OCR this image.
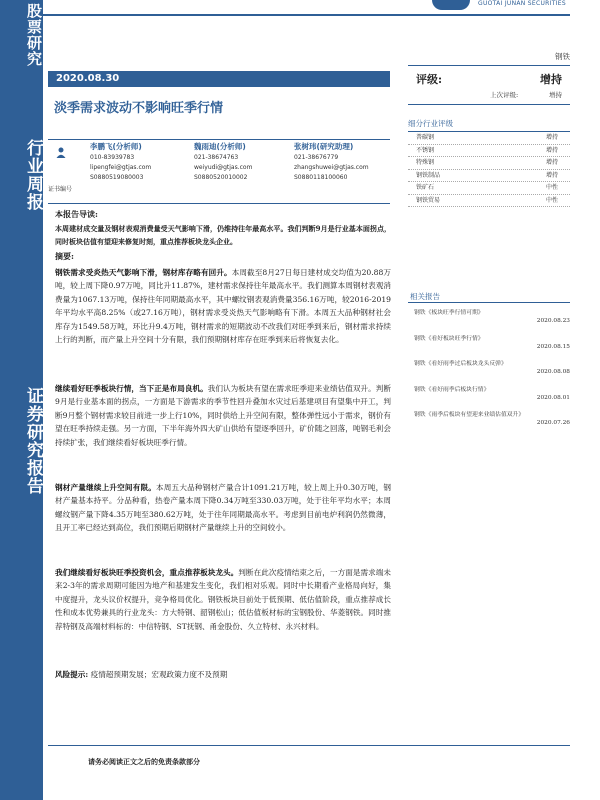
股票研究
行业周报
证券研究报告
GUOTAI JUNAN SECURITIES
钢铁
2020.08.30
淡季需求波动不影响旺季行情
评级:	增持
上次评级:	增持
证书编号
李鹏飞(分析师)
010-83939783
lipengfei@gtjas.com
S0880519080003
魏雨迪(分析师)
021-38674763
weiyudi@gtjas.com
S0880520010002
张树玮(研究助理)
021-38676779
zhangshuwei@gtjas.com
S0880118100060
本报告导读:
本周建材成交量及钢材表观消费量受天气影响下滑，仍维持往年最高水平。我们判断9月是行业基本面拐点，同时板块估值有望迎来修复时刻，重点推荐板块龙头企业。
摘要:
钢铁需求受炎热天气影响下滑，钢材库存略有回升。本周截至8月27日每日建材成交均值为20.88万吨，较上周下降0.97万吨，同比升11.87%，建材需求保持往年最高水平。我们测算本周钢材表观消费量为1067.13万吨，保持往年同期最高水平，其中螺纹钢表观消费量356.16万吨，较2016-2019年平均水平高8.25%（或27.16万吨），钢材需求受炎热天气影响略有下滑。本周五大品种钢材社会库存为1549.58万吨，环比升9.4万吨，钢材需求的短期波动不改我们对旺季到来后，钢材需求持续上行的判断，而产量上升空间十分有限，我们预期钢材库存在旺季到来后将恢复去化。
继续看好旺季板块行情，当下正是布局良机。我们认为板块有望在需求旺季迎来业绩估值双升。判断9月是行业基本面的拐点，一方面是下游需求的季节性回升叠加水灾过后基建项目有望集中开工，判断9月整个钢材需求较目前进一步上行10%，同时供给上升空间有限，整体弹性远小于需求，钢价有望在旺季持续走强。另一方面，下半年海外四大矿山供给有望逐季回升，矿价随之回落，吨钢毛利会持续扩张，我们继续看好板块旺季行情。
钢材产量继续上升空间有限。本周五大品种钢材产量合计1091.21万吨，较上周上升0.30万吨，钢材产量基本持平。分品种看，热卷产量本周下降0.34万吨至330.03万吨，处于往年平均水平；本周螺纹钢产量下降4.35万吨至380.62万吨，处于往年同期最高水平。考虑到目前电炉利润仍然微薄，且开工率已经达到高位，我们预期后期钢材产量继续上升的空间较小。
我们继续看好板块旺季投资机会，重点推荐板块龙头。判断在此次疫情结束之后，一方面是需求端未来2-3年的需求周期可能因为地产和基建发生变化，我们相对乐观。同时中长期看产业格局向好，集中度提升，龙头议价权提升，竞争格局优化。钢铁板块目前处于低预期、低估值阶段，重点推荐成长性和成本优势兼具的行业龙头：方大特钢、韶钢松山；低估值板材标的宝钢股份、华菱钢铁。同时推荐特钢及高端材料标的：中信特钢、ST抚钢、甬金股份、久立特材、永兴材料。
风险提示: 疫情超预期发展；宏观政策力度不及预期
细分行业评级
普碳钢	增持
不锈钢	增持
特殊钢	增持
钢铁制品	增持
铁矿石	中性
钢铁贸易	中性
相关报告
钢铁《板块旺季行情可期》
2020.08.23
钢铁《看好板块旺季行情》
2020.08.15
钢铁《看好雨季过后板块龙头反弹》
2020.08.08
钢铁《看好雨季后板块行情》
2020.08.01
钢铁《雨季后板块有望迎来业绩估值双升》
2020.07.26
请务必阅读正文之后的免责条款部分
